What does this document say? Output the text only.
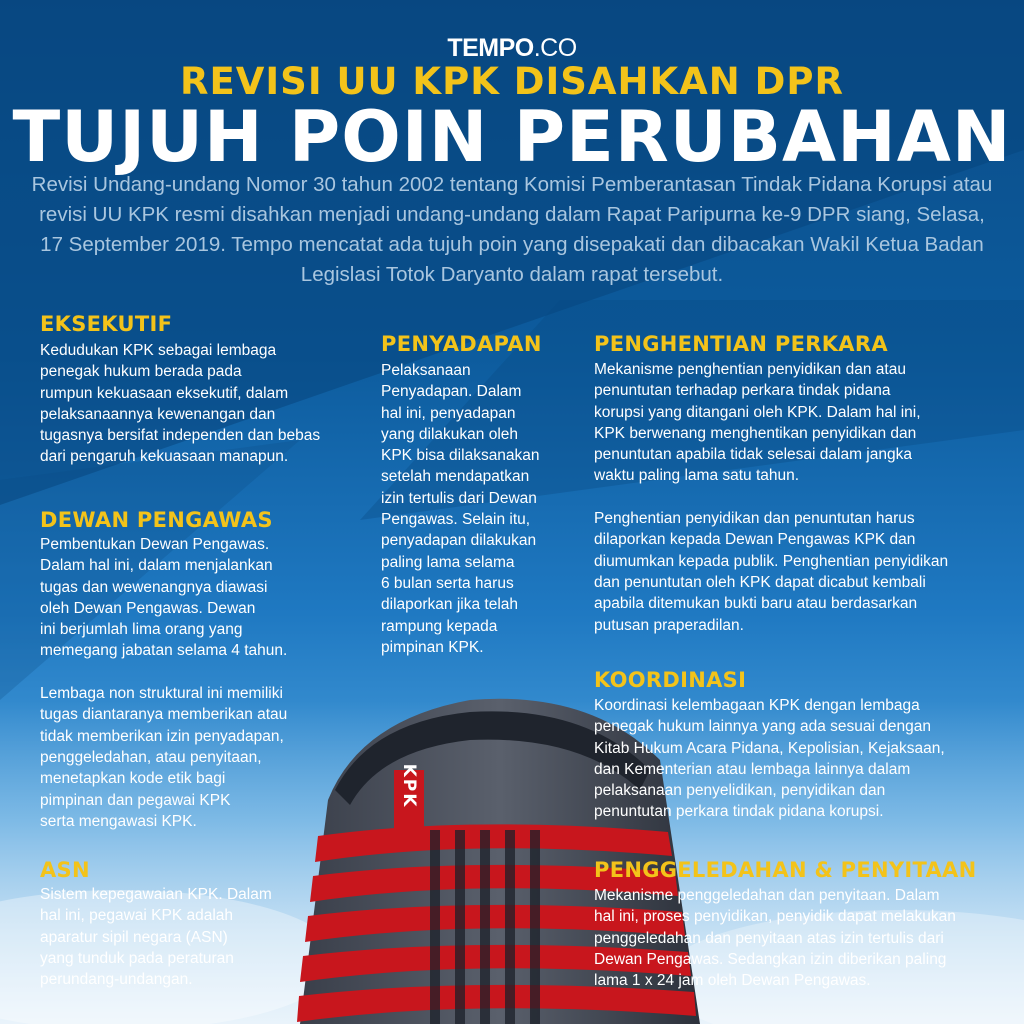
KPK
TEMPO.CO
REVISI UU KPK DISAHKAN DPR
TUJUH POIN PERUBAHAN
Revisi Undang-undang Nomor 30 tahun 2002 tentang Komisi Pemberantasan Tindak Pidana Korupsi atau revisi UU KPK resmi disahkan menjadi undang-undang dalam Rapat Paripurna ke-9 DPR siang, Selasa, 17 September 2019. Tempo mencatat ada tujuh poin yang disepakati dan dibacakan Wakil Ketua Badan Legislasi Totok Daryanto dalam rapat tersebut.
EKSEKUTIF
Kedudukan KPK sebagai lembaga
penegak hukum berada pada
rumpun kekuasaan eksekutif, dalam
pelaksanaannya kewenangan dan
tugasnya bersifat independen dan bebas
dari pengaruh kekuasaan manapun.
DEWAN PENGAWAS
Pembentukan Dewan Pengawas.
Dalam hal ini, dalam menjalankan
tugas dan wewenangnya diawasi
oleh Dewan Pengawas. Dewan
ini berjumlah lima orang yang
memegang jabatan selama 4 tahun.

Lembaga non struktural ini memiliki
tugas diantaranya memberikan atau
tidak memberikan izin penyadapan,
penggeledahan, atau penyitaan,
menetapkan kode etik bagi
pimpinan dan pegawai KPK
serta mengawasi KPK.
ASN
Sistem kepegawaian KPK. Dalam
hal ini, pegawai KPK adalah
aparatur sipil negara (ASN)
yang tunduk pada peraturan
perundang-undangan.
PENYADAPAN
Pelaksanaan
Penyadapan. Dalam
hal ini, penyadapan
yang dilakukan oleh
KPK bisa dilaksanakan
setelah mendapatkan
izin tertulis dari Dewan
Pengawas. Selain itu,
penyadapan dilakukan
paling lama selama
6 bulan serta harus
dilaporkan jika telah
rampung kepada
pimpinan KPK.
PENGHENTIAN PERKARA
Mekanisme penghentian penyidikan dan atau
penuntutan terhadap perkara tindak pidana
korupsi yang ditangani oleh KPK. Dalam hal ini,
KPK berwenang menghentikan penyidikan dan
penuntutan apabila tidak selesai dalam jangka
waktu paling lama satu tahun.

Penghentian penyidikan dan penuntutan harus
dilaporkan kepada Dewan Pengawas KPK dan
diumumkan kepada publik. Penghentian penyidikan
dan penuntutan oleh KPK dapat dicabut kembali
apabila ditemukan bukti baru atau berdasarkan
putusan praperadilan.
KOORDINASI
Koordinasi kelembagaan KPK dengan lembaga
penegak hukum lainnya yang ada sesuai dengan
Kitab Hukum Acara Pidana, Kepolisian, Kejaksaan,
dan Kementerian atau lembaga lainnya dalam
pelaksanaan penyelidikan, penyidikan dan
penuntutan perkara tindak pidana korupsi.
PENGGELEDAHAN & PENYITAAN
Mekanisme penggeledahan dan penyitaan. Dalam
hal ini, proses penyidikan, penyidik dapat melakukan
penggeledahan dan penyitaan atas izin tertulis dari
Dewan Pengawas. Sedangkan izin diberikan paling
lama 1 x 24 jam oleh Dewan Pengawas.
